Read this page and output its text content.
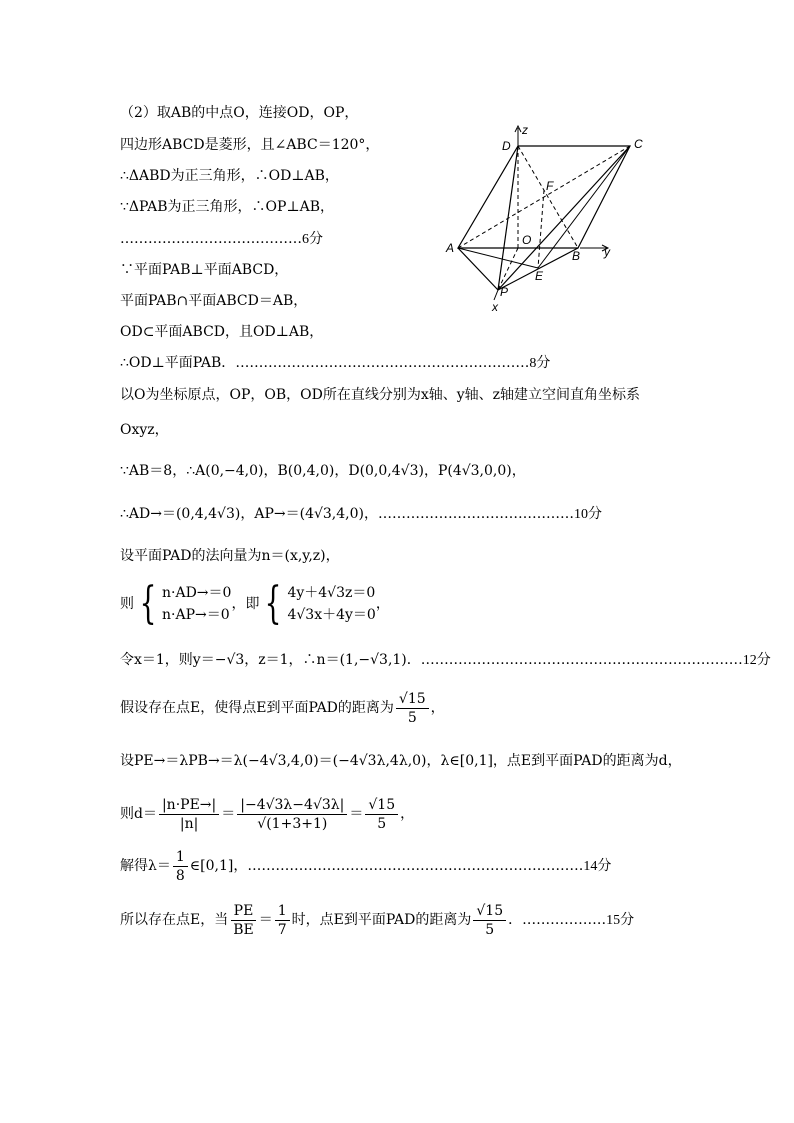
（2）取AB的中点O，连接OD，OP，
四边形ABCD是菱形，且∠ABC＝120°，
∴ΔABD为正三角形，∴OD⊥AB，
∵ΔPAB为正三角形，∴OP⊥AB，
…………………………………6分
∵平面PAB⊥平面ABCD，
平面PAB∩平面ABCD＝AB，
OD⊂平面ABCD，且OD⊥AB，
∴OD⊥平面PAB．………………………………………………………8分
以O为坐标原点，OP，OB，OD所在直线分别为x轴、y轴、z轴建立空间直角坐标系
Oxyz，
∵AB＝8，∴A(0,−4,0)，B(0,4,0)，D(0,0,4√3)，P(4√3,0,0)，
∴AD→＝(0,4,4√3)，AP→＝(4√3,4,0)，……………………………………10分
设平面PAD的法向量为n＝(x,y,z)，
则 { n·AD→＝0
n·AP→＝0
，即 { 4y＋4√3z＝0
4√3x＋4y＝0
，
令x＝1，则y＝−√3，z＝1，∴n＝(1,−√3,1)．……………………………………………………………12分
假设存在点E，使得点E到平面PAD的距离为 $\frac{√15}{5}$ ，
设PE→＝λPB→＝λ(−4√3,4,0)＝(−4√3λ,4λ,0)，λ∈[0,1]，点E到平面PAD的距离为d，
则$d= \frac{|n\cdot PE\to|}{|n|} = \frac{|-4√3\lambda-4√3\lambda|}{√(1+3+1)} = \frac{√15}{5}$ ，
解得$\lambda= \frac{1}{8}$ ∈[0,1]，………………………………………………………………14分
所以存在点E，当 $\frac{PE}{BE} = \frac{1}{7}$ 时，点E到平面PAD的距离为 $\frac{√15}{5}$ ．………………15分
z
D	C
F
A
O
B y
E
P
x
